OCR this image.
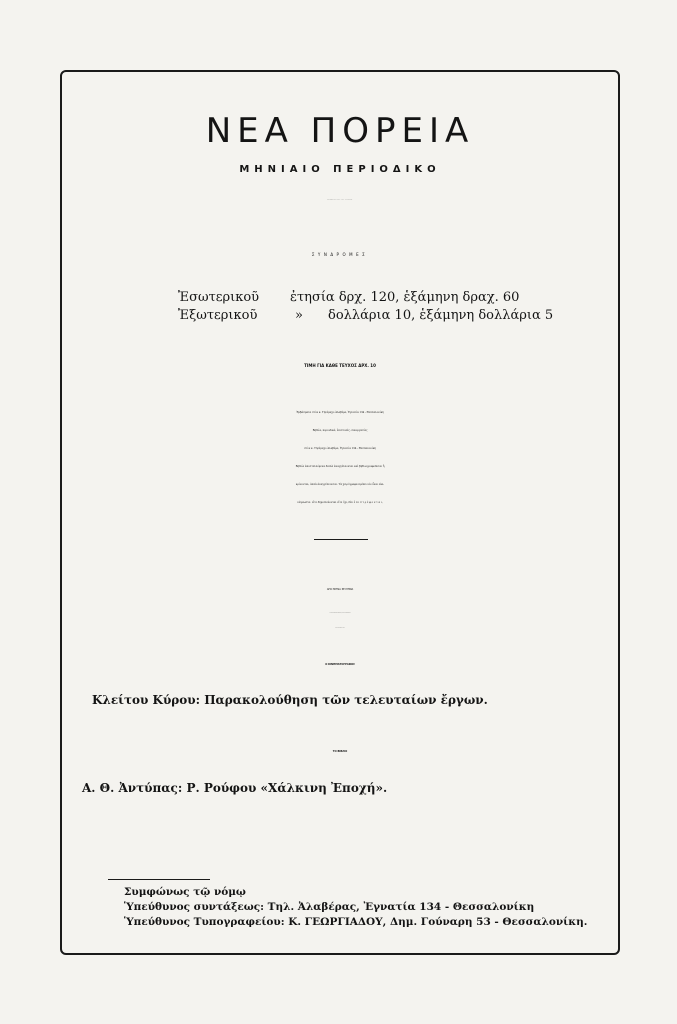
ΝΕΑ ΠΟΡΕΙΑ
ΜΗΝΙΑΙΟ ΠΕΡΙΟΔΙΚΟ
ΣΥΝΔΡΟΜΕΣ
Ἐσωτερικοῦ ἐτησία δρχ. 120, ἑξάμηνη δραχ. 60
Ἐξωτερικοῦ	» δολλάρια 10, ἑξάμηνη δολλάρια 5
ΤΙΜΗ ΓΙΑ ΚΑΘΕ ΤΕΥΧΟΣ ΔΡΧ. 10
Ἐμβάσματα στὸν κ. Τηλέμαχο Ἀλαβέρα, Ἐγνατία 134 - Θεσσαλονίκη
Βιβλία, περιοδικά, ἐπιστολές, συνεργασίες
στὸν κ. Τηλέμαχο Ἀλαβέρα, Ἐγνατία 134 - Θεσσαλονίκη
Βιβλία ἀποστελλόμενα διπλὰ ἀναγγέλλονται καὶ βιβλιογραφοῦνται ἢ
κρίνονται, ἁπλὰ ἀναγγέλλονται. Τὰ χειρόγραφα πρέπει νὰ εἶναι εὐα-
νάγνωστα· εἴτε δημοσιεύονται εἴτε ὄχι, δὲν ἐ π ι σ τ ρ έ φ ο ν τ α ι,
ΑΠΟ ΜΗΝΑ ΣΕ ΜΗΝΑ
Ο ΚΙΝΗΜΑΤΟΓΡΑΦΟΣ
Κλείτου Κύρου: Παρακολούθηση τῶν τελευταίων ἔργων.
ΤΟ ΒΙΒΛΙΟ
Α. Θ. Ἀντύπας: Ρ. Ρούφου «Χάλκινη Ἐποχή».
Συμφώνως τῷ νόμῳ
Ὑπεύθυνος συντάξεως: Τηλ. Ἀλαβέρας, Ἐγνατία 134 - Θεσσαλονίκη
Ὑπεύθυνος Τυπογραφείου: Κ. ΓΕΩΡΓΙΑΔΟΥ, Δημ. Γούναρη 53 - Θεσσαλονίκη.
